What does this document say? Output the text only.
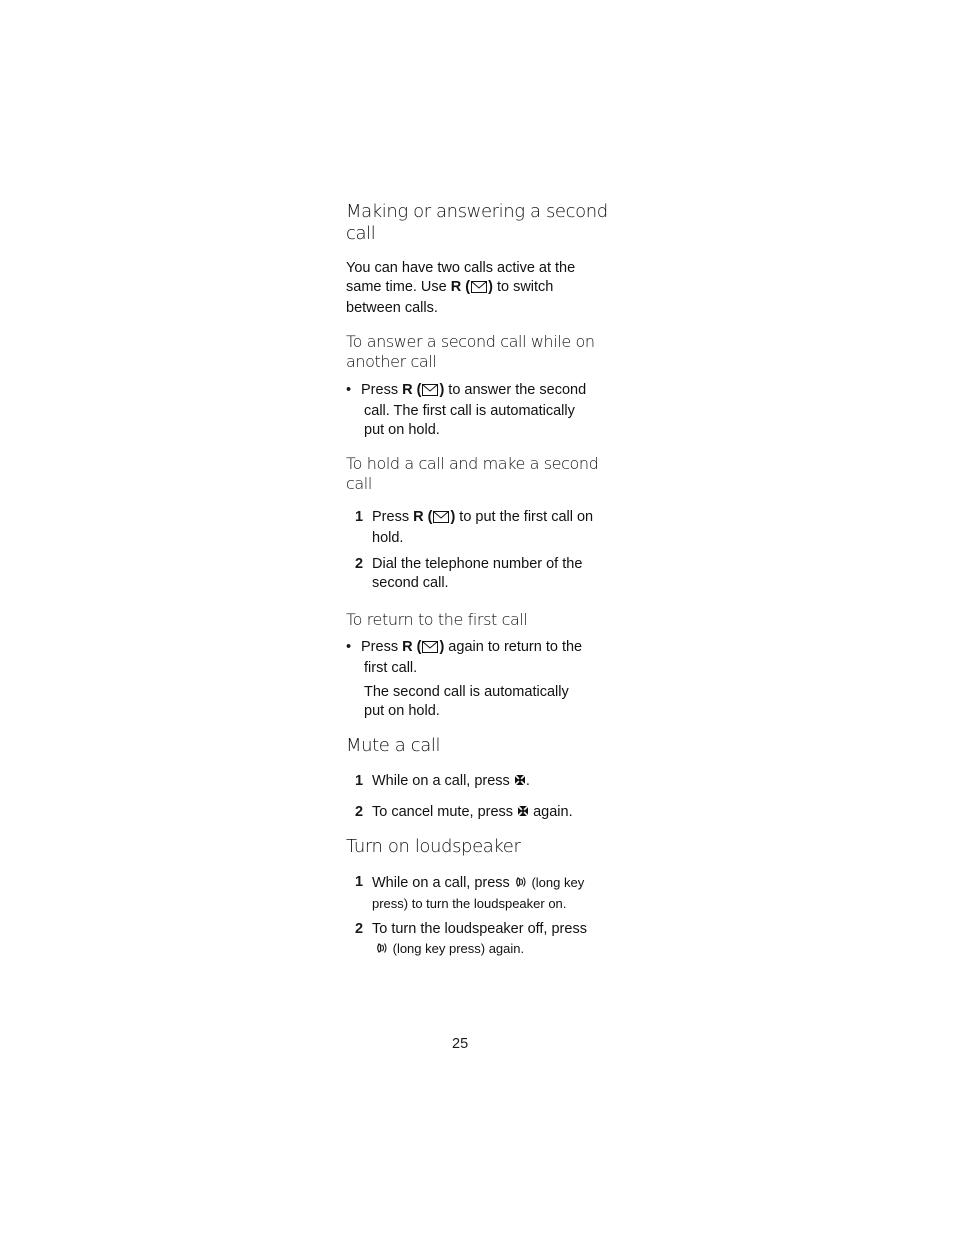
Making or answering a second
call
You can have two calls active at the
same time. Use R ( ) to switch
between calls.
To answer a second call while on
another call
• Press R ( ) to answer the second
call. The first call is automatically
put on hold.
To hold a call and make a second
call
1 Press R ( ) to put the first call on
hold.
2 Dial the telephone number of the
second call.
To return to the first call
• Press R ( ) again to return to the
first call.
The second call is automatically
put on hold.
Mute a call
1 While on a call, press .
2 To cancel mute, press  again.
Turn on loudspeaker
1 While on a call, press  (long key
press) to turn the loudspeaker on.
2 To turn the loudspeaker off, press
(long key press) again.
25
